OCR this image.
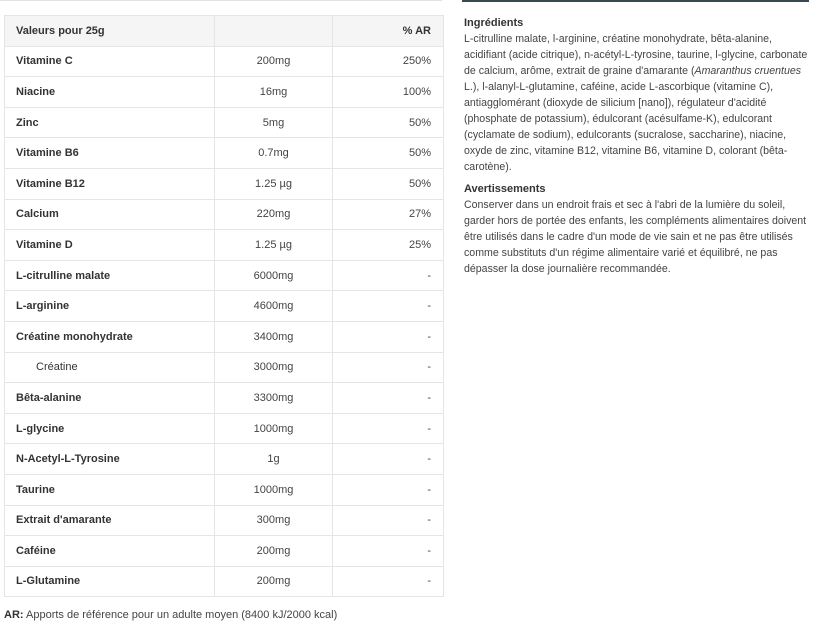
Valeurs pour 25g		% AR
Vitamine C	200mg	250%
Niacine	16mg	100%
Zinc	5mg	50%
Vitamine B6	0.7mg	50%
Vitamine B12	1.25 µg	50%
Calcium	220mg	27%
Vitamine D	1.25 µg	25%
L-citrulline malate	6000mg	-
L-arginine	4600mg	-
Créatine monohydrate	3400mg	-
Créatine	3000mg	-
Bêta-alanine	3300mg	-
L-glycine	1000mg	-
N-Acetyl-L-Tyrosine	1g	-
Taurine	1000mg	-
Extrait d'amarante	300mg	-
Caféine	200mg	-
L-Glutamine	200mg	-
AR: Apports de référence pour un adulte moyen (8400 kJ/2000 kcal)
Ingrédients

L-citrulline malate, l-arginine, créatine monohydrate, bêta-alanine, acidifiant (acide citrique), n-acétyl-L-tyrosine, taurine, l-glycine, carbonate de calcium, arôme, extrait de graine d'amarante (Amaranthus cruentues L.), l-alanyl-L-glutamine, caféine, acide L-ascorbique (vitamine C), antiagglomérant (dioxyde de silicium [nano]), régulateur d'acidité (phosphate de potassium), édulcorant (acésulfame-K), edulcorant (cyclamate de sodium), edulcorants (sucralose, saccharine), niacine, oxyde de zinc, vitamine B12, vitamine B6, vitamine D, colorant (bêta-carotène).

Avertissements

Conserver dans un endroit frais et sec à l'abri de la lumière du soleil, garder hors de portée des enfants, les compléments alimentaires doivent être utilisés dans le cadre d'un mode de vie sain et ne pas être utilisés comme substituts d'un régime alimentaire varié et équilibré, ne pas dépasser la dose journalière recommandée.
